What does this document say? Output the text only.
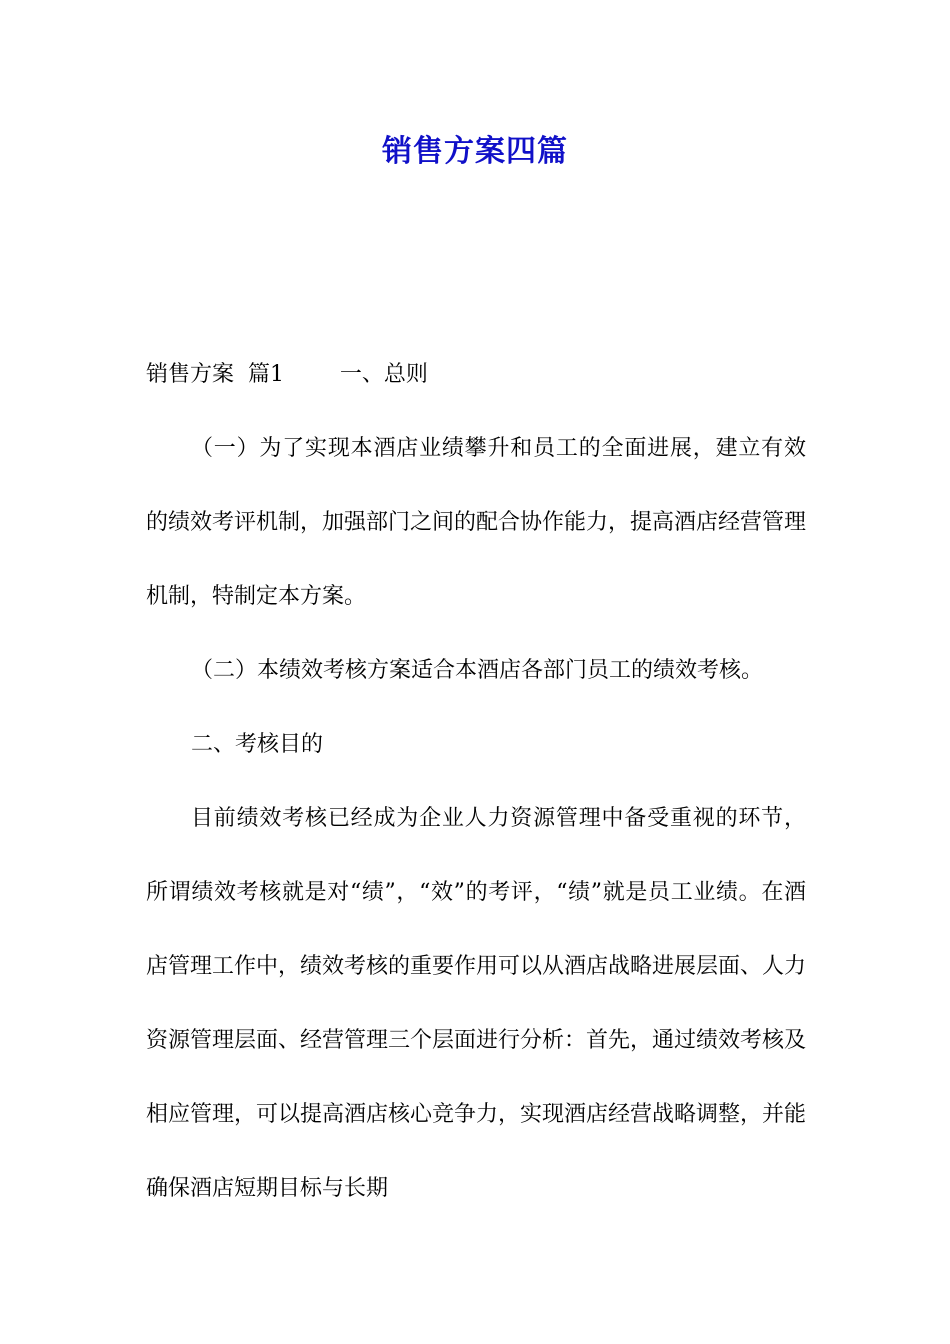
销售方案四篇

销售方案  篇1        一、总则

（一）为了实现本酒店业绩攀升和员工的全面进展，建立有效的绩效考评机制，加强部门之间的配合协作能力，提高酒店经营管理机制，特制定本方案。

（二）本绩效考核方案适合本酒店各部门员工的绩效考核。

二、考核目的

目前绩效考核已经成为企业人力资源管理中备受重视的环节，所谓绩效考核就是对“绩”，“效”的考评，“绩”就是员工业绩。在酒店管理工作中，绩效考核的重要作用可以从酒店战略进展层面、人力资源管理层面、经营管理三个层面进行分析：首先，通过绩效考核及相应管理，可以提高酒店核心竞争力，实现酒店经营战略调整，并能确保酒店短期目标与长期
